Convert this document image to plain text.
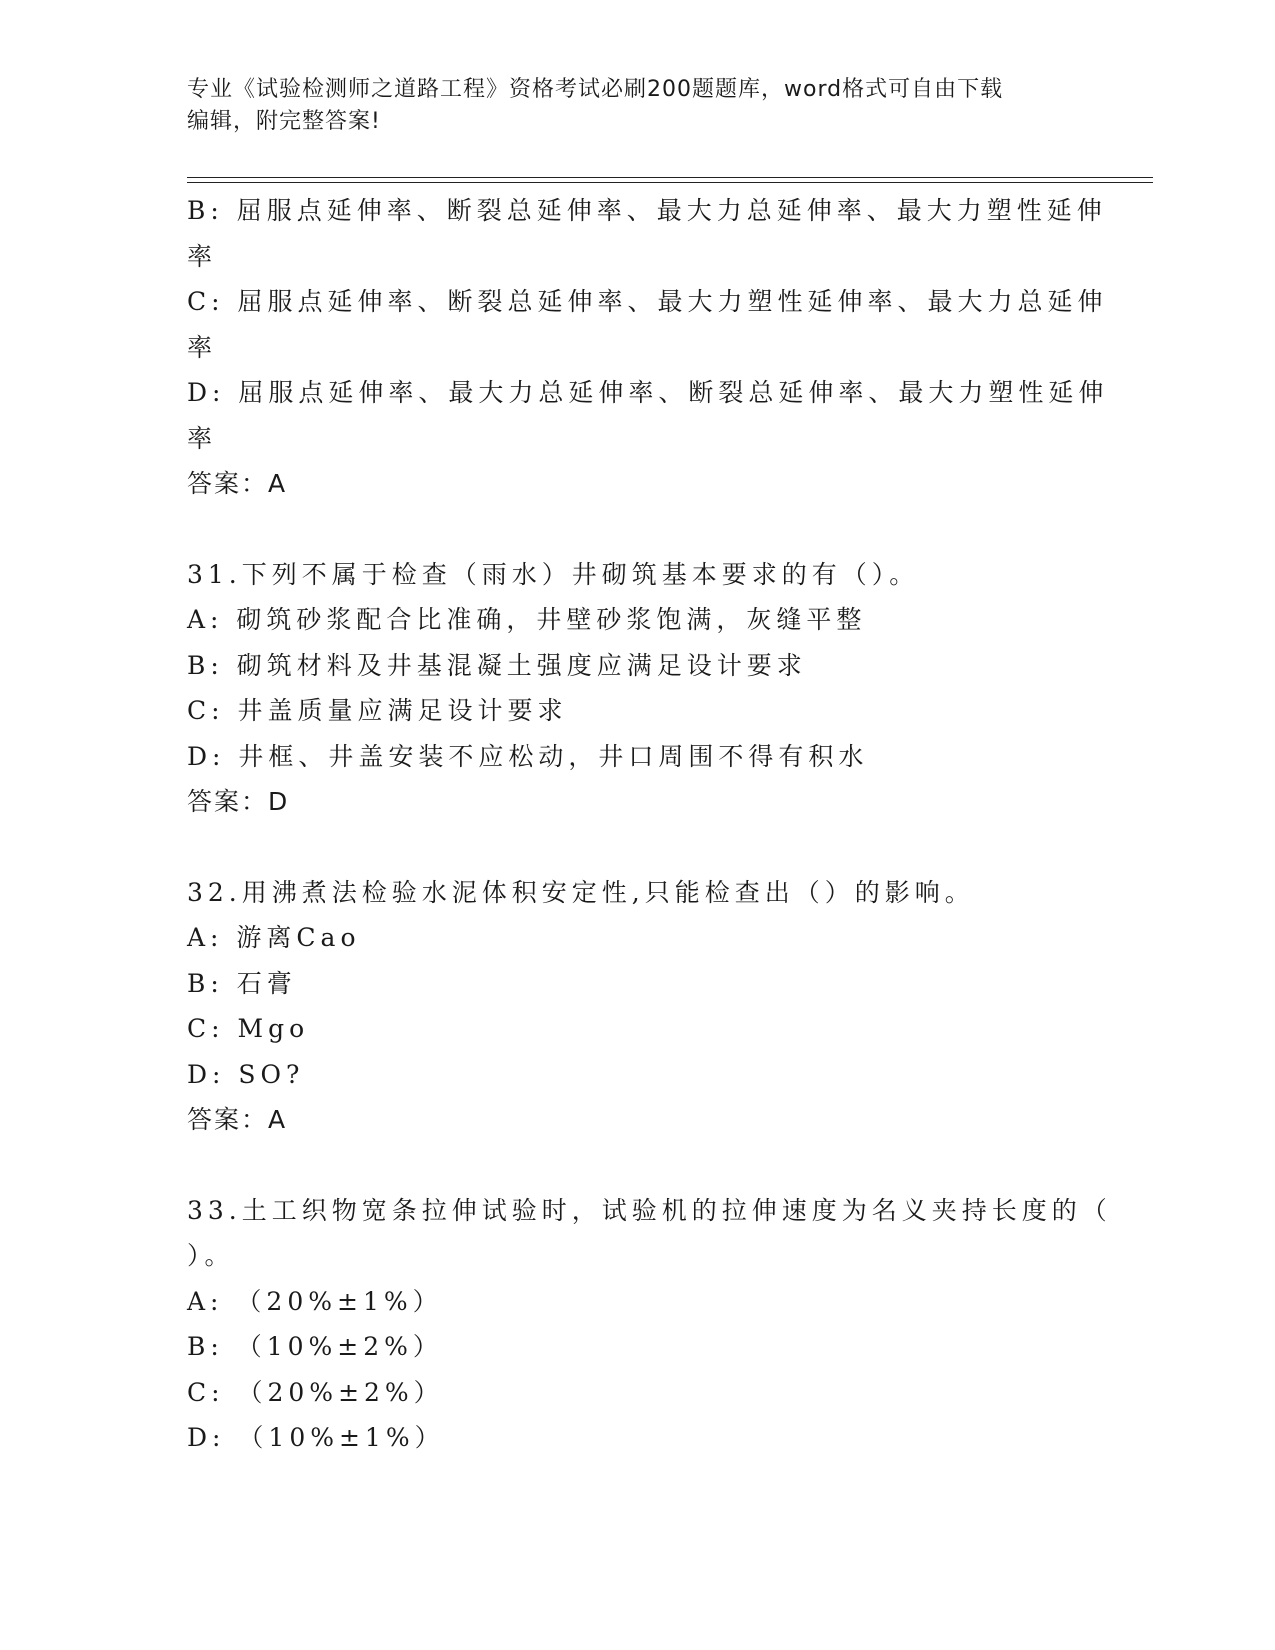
专业《试验检测师之道路工程》资格考试必刷200题题库，word格式可自由下载
编辑，附完整答案!
B: 屈服点延伸率、断裂总延伸率、最大力总延伸率、最大力塑性延伸
率
C: 屈服点延伸率、断裂总延伸率、最大力塑性延伸率、最大力总延伸
率
D: 屈服点延伸率、最大力总延伸率、断裂总延伸率、最大力塑性延伸
率
答案：A
31.下列不属于检查（雨水）井砌筑基本要求的有（）。
A: 砌筑砂浆配合比准确，井壁砂浆饱满，灰缝平整
B: 砌筑材料及井基混凝土强度应满足设计要求
C: 井盖质量应满足设计要求
D: 井框、井盖安装不应松动，井口周围不得有积水
答案：D
32.用沸煮法检验水泥体积安定性,只能检查出（）的影响。
A: 游离Cao
B: 石膏
C: Mgo
D: SO?
答案：A
33.土工织物宽条拉伸试验时，试验机的拉伸速度为名义夹持长度的（
）。
A: （20%±1%）
B: （10%±2%）
C: （20%±2%）
D: （10%±1%）
